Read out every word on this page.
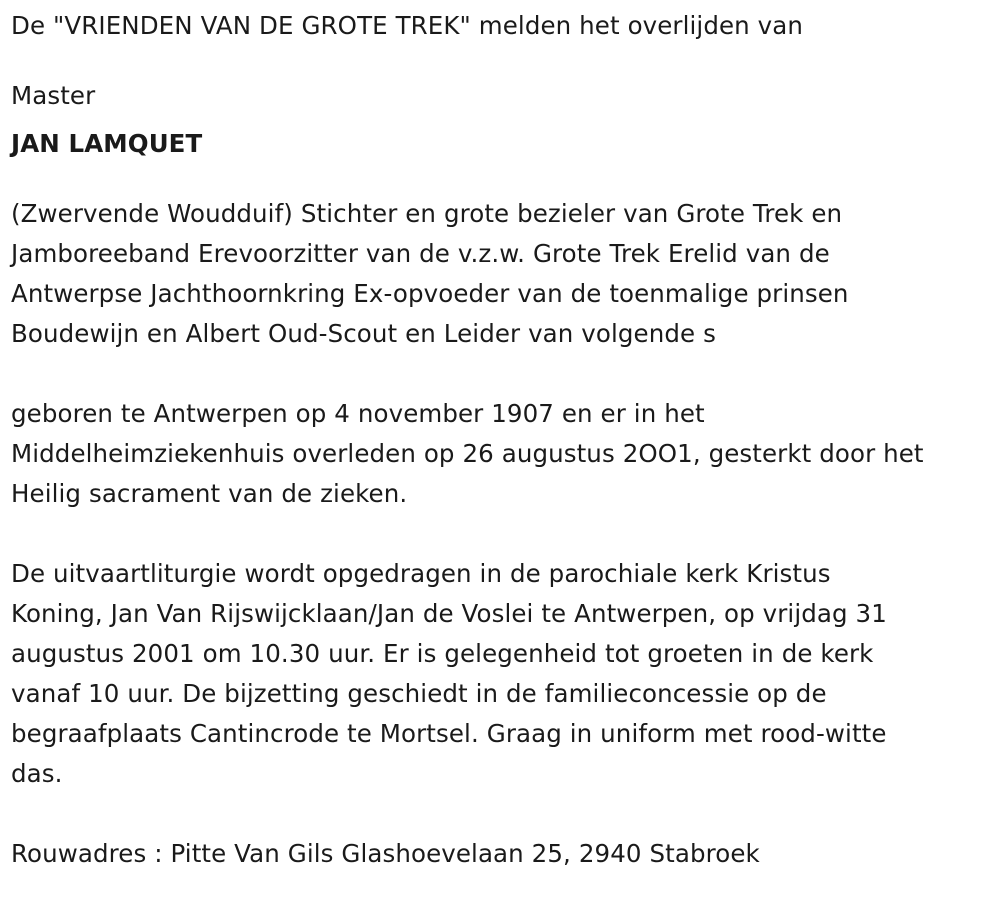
De "VRIENDEN VAN DE GROTE TREK" melden het overlijden van
Master
JAN LAMQUET
(Zwervende Woudduif) Stichter en grote bezieler van Grote Trek en
Jamboreeband Erevoorzitter van de v.z.w. Grote Trek Erelid van de
Antwerpse Jachthoornkring Ex-opvoeder van de toenmalige prinsen
Boudewijn en Albert Oud-Scout en Leider van volgende s
geboren te Antwerpen op 4 november 1907 en er in het
Middelheimziekenhuis overleden op 26 augustus 2OO1, gesterkt door het
Heilig sacrament van de zieken.
De uitvaartliturgie wordt opgedragen in de parochiale kerk Kristus
Koning, Jan Van Rijswijcklaan/Jan de Voslei te Antwerpen, op vrijdag 31
augustus 2001 om 10.30 uur. Er is gelegenheid tot groeten in de kerk
vanaf 10 uur. De bijzetting geschiedt in de familieconcessie op de
begraafplaats Cantincrode te Mortsel. Graag in uniform met rood-witte
das.
Rouwadres : Pitte Van Gils Glashoevelaan 25, 2940 Stabroek
